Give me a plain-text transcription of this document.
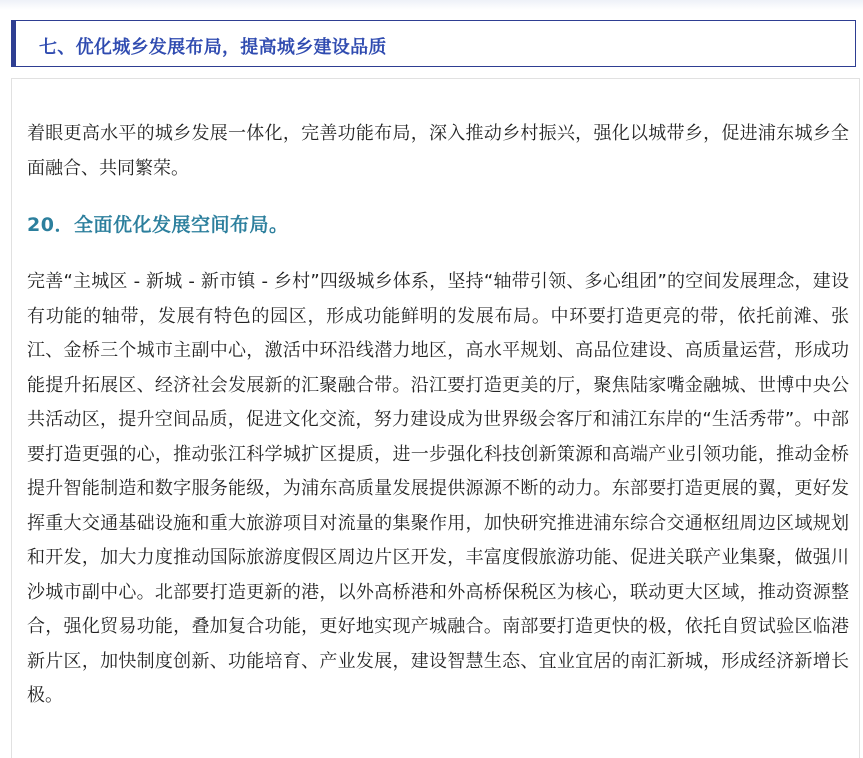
七、优化城乡发展布局，提高城乡建设品质

着眼更高水平的城乡发展一体化，完善功能布局，深入推动乡村振兴，强化以城带乡，促进浦东城乡全面融合、共同繁荣。

20．全面优化发展空间布局。

完善“主城区 - 新城 - 新市镇 - 乡村”四级城乡体系，坚持“轴带引领、多心组团”的空间发展理念，建设有功能的轴带，发展有特色的园区，形成功能鲜明的发展布局。中环要打造更亮的带，依托前滩、张江、金桥三个城市主副中心，激活中环沿线潜力地区，高水平规划、高品位建设、高质量运营，形成功能提升拓展区、经济社会发展新的汇聚融合带。沿江要打造更美的厅，聚焦陆家嘴金融城、世博中央公共活动区，提升空间品质，促进文化交流，努力建设成为世界级会客厅和浦江东岸的“生活秀带”。中部要打造更强的心，推动张江科学城扩区提质，进一步强化科技创新策源和高端产业引领功能，推动金桥提升智能制造和数字服务能级，为浦东高质量发展提供源源不断的动力。东部要打造更展的翼，更好发挥重大交通基础设施和重大旅游项目对流量的集聚作用，加快研究推进浦东综合交通枢纽周边区域规划和开发，加大力度推动国际旅游度假区周边片区开发，丰富度假旅游功能、促进关联产业集聚，做强川沙城市副中心。北部要打造更新的港，以外高桥港和外高桥保税区为核心，联动更大区域，推动资源整合，强化贸易功能，叠加复合功能，更好地实现产城融合。南部要打造更快的极，依托自贸试验区临港新片区，加快制度创新、功能培育、产业发展，建设智慧生态、宜业宜居的南汇新城，形成经济新增长极。
